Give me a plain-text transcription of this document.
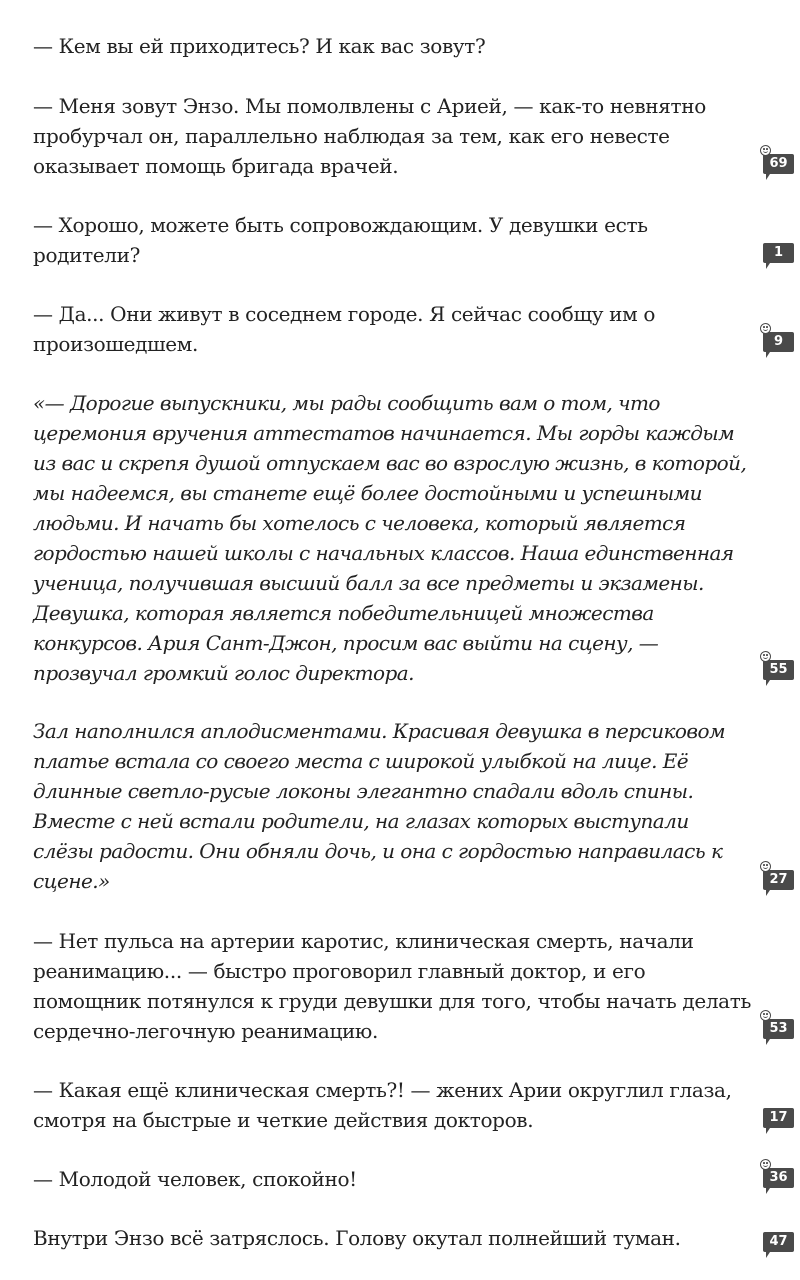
— Кем вы ей приходитесь? И как вас зовут?

— Меня зовут Энзо. Мы помолвлены с Арией, — как-то невнятно пробурчал он, параллельно наблюдая за тем, как его невесте оказывает помощь бригада врачей.	69

— Хорошо, можете быть сопровождающим. У девушки есть родители?	1

— Да... Они живут в соседнем городе. Я сейчас сообщу им о произошедшем.	9

«— Дорогие выпускники, мы рады сообщить вам о том, что церемония вручения аттестатов начинается. Мы горды каждым из вас и скрепя душой отпускаем вас во взрослую жизнь, в которой, мы надеемся, вы станете ещё более достойными и успешными людьми. И начать бы хотелось с человека, который является гордостью нашей школы с начальных классов. Наша единственная ученица, получившая высший балл за все предметы и экзамены. Девушка, которая является победительницей множества конкурсов. Ария Сант-Джон, просим вас выйти на сцену, — прозвучал громкий голос директора.	55

Зал наполнился аплодисментами. Красивая девушка в персиковом платье встала со своего места с широкой улыбкой на лице. Её длинные светло-русые локоны элегантно спадали вдоль спины. Вместе с ней встали родители, на глазах которых выступали слёзы радости. Они обняли дочь, и она с гордостью направилась к сцене.»	27

— Нет пульса на артерии каротис, клиническая смерть, начали реанимацию... — быстро проговорил главный доктор, и его помощник потянулся к груди девушки для того, чтобы начать делать сердечно-легочную реанимацию.	53

— Какая ещё клиническая смерть?! — жених Арии округлил глаза, смотря на быстрые и четкие действия докторов.	17

— Молодой человек, спокойно!	36

Внутри Энзо всё затряслось. Голову окутал полнейший туман.	47
